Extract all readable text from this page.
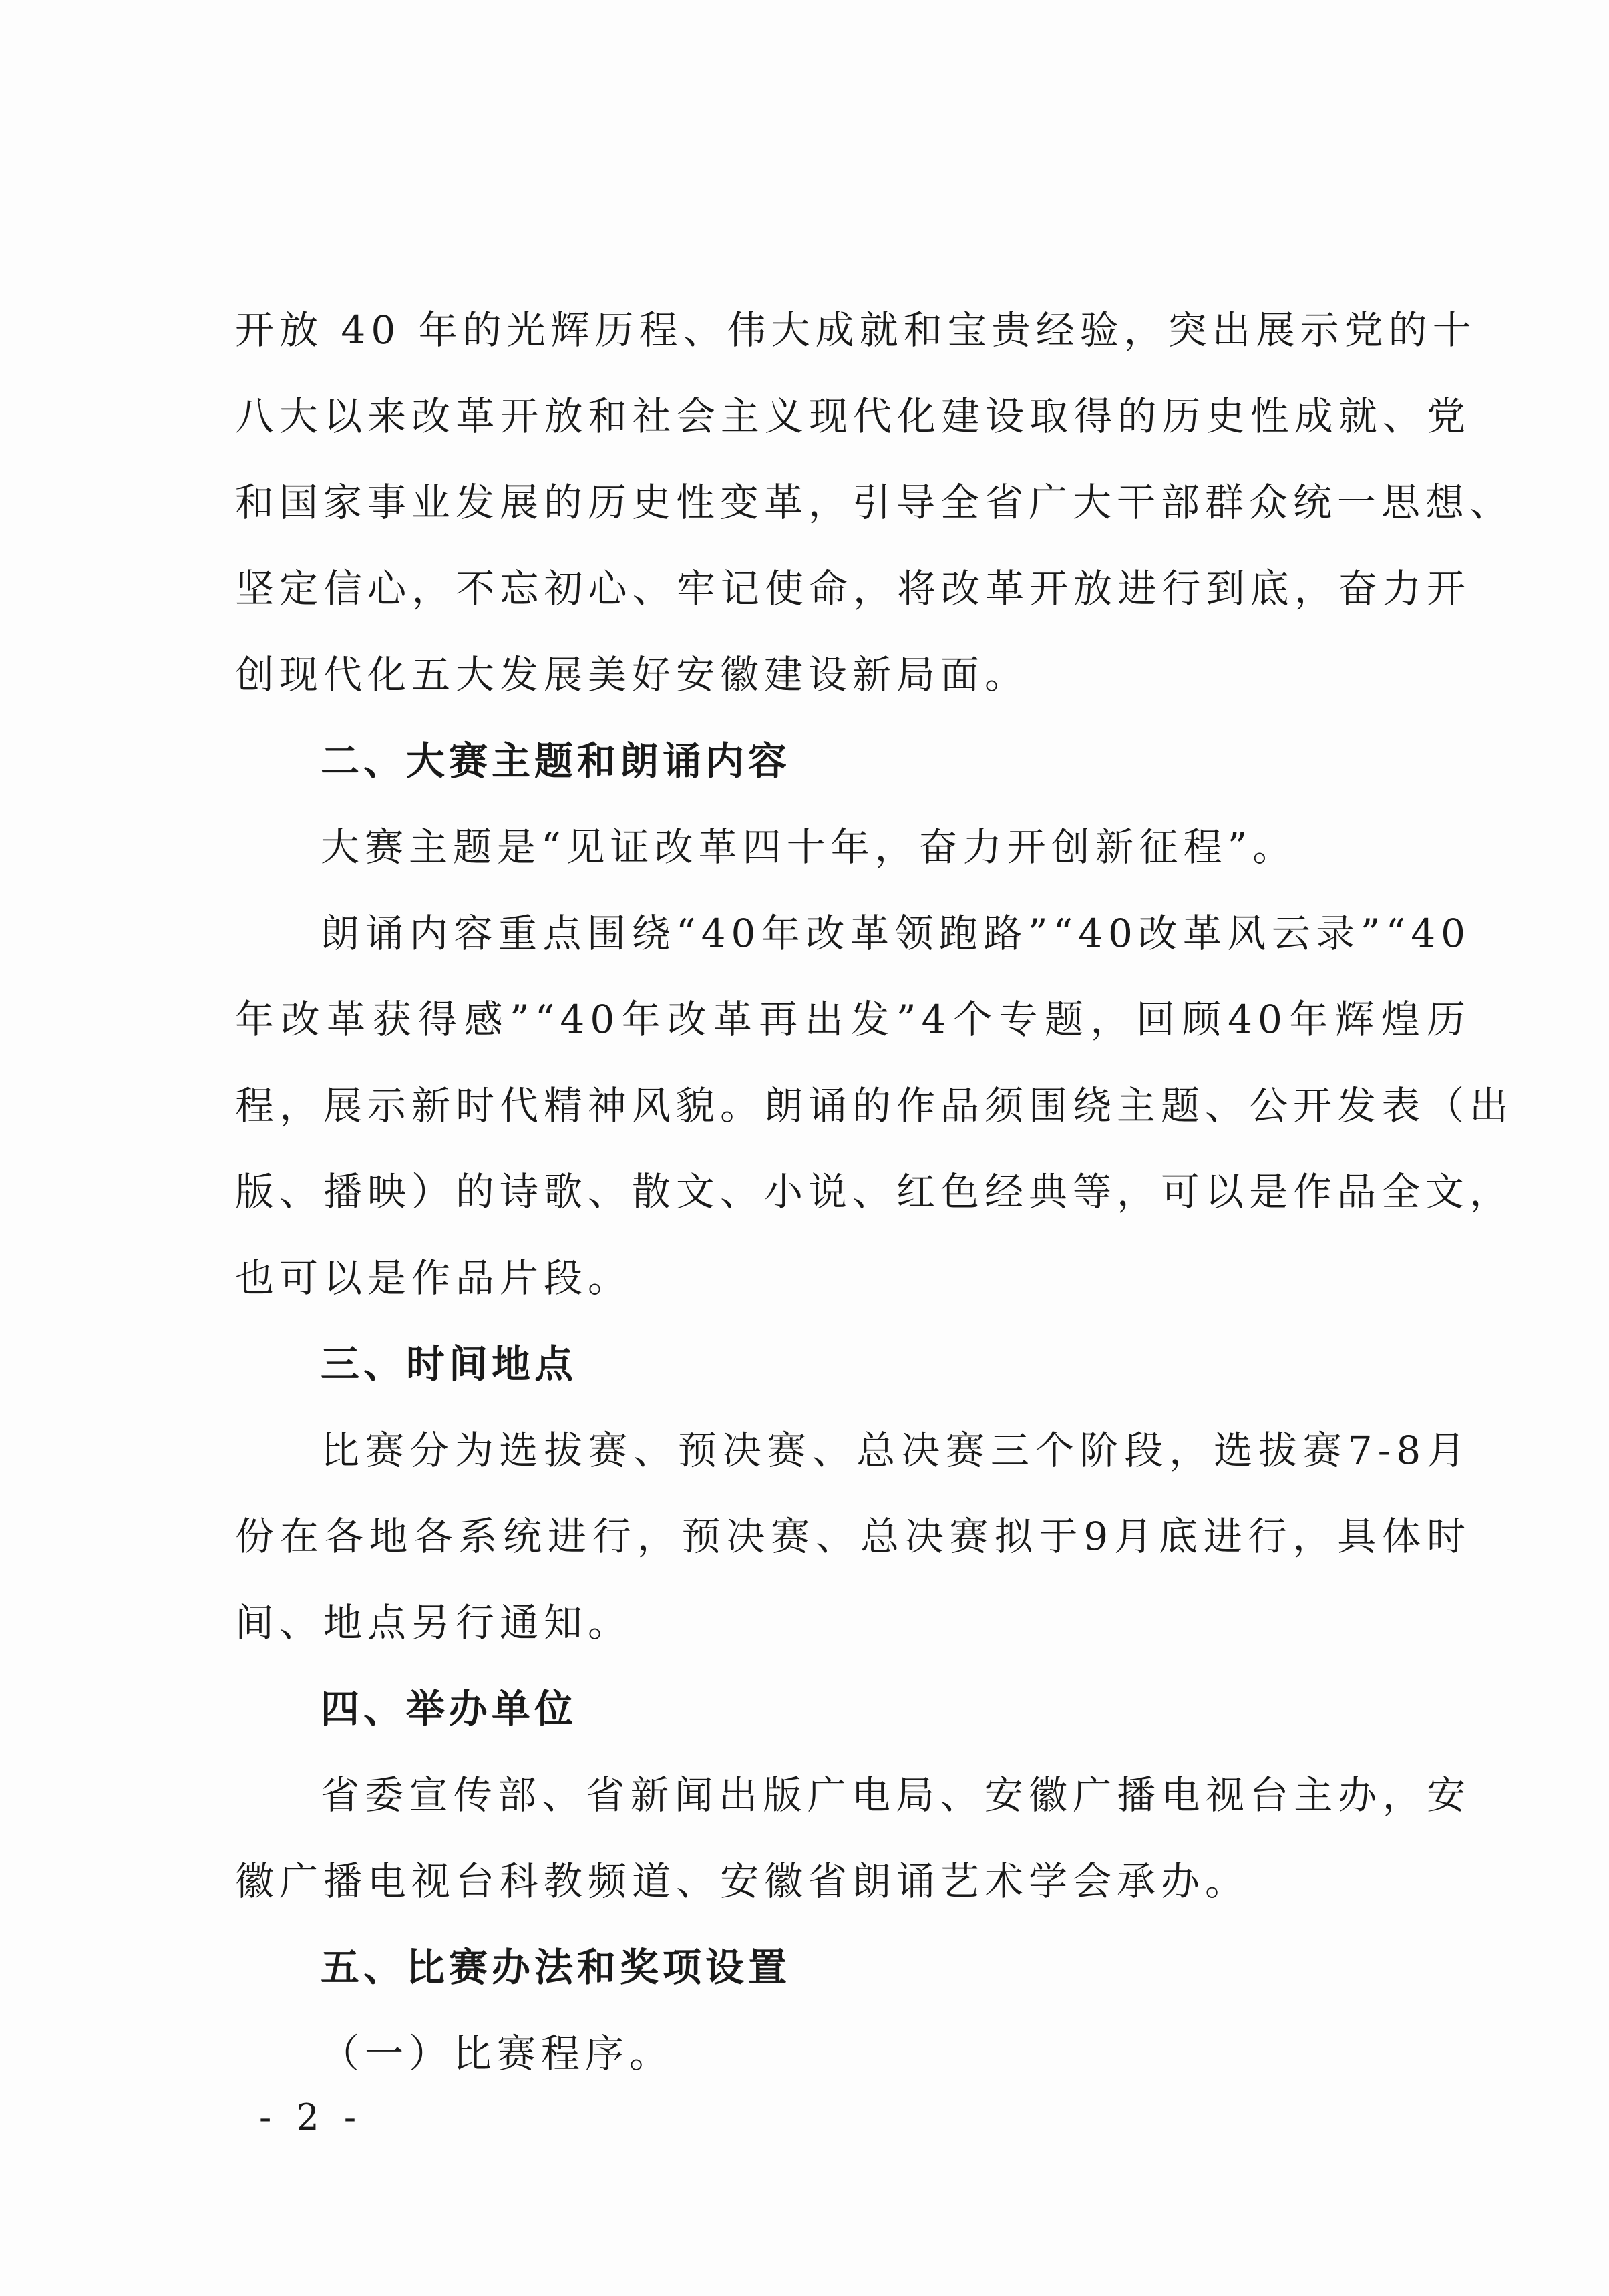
开放 40 年的光辉历程、伟大成就和宝贵经验，突出展示党的十
八大以来改革开放和社会主义现代化建设取得的历史性成就、党
和国家事业发展的历史性变革，引导全省广大干部群众统一思想、
坚定信心，不忘初心、牢记使命，将改革开放进行到底，奋力开
创现代化五大发展美好安徽建设新局面。
二、大赛主题和朗诵内容
大赛主题是“见证改革四十年，奋力开创新征程”。
朗诵内容重点围绕“40年改革领跑路”“40改革风云录”“40
年改革获得感”“40年改革再出发”4个专题，回顾40年辉煌历
程，展示新时代精神风貌。朗诵的作品须围绕主题、公开发表（出
版、播映）的诗歌、散文、小说、红色经典等，可以是作品全文，
也可以是作品片段。
三、时间地点
比赛分为选拔赛、预决赛、总决赛三个阶段，选拔赛7-8月
份在各地各系统进行，预决赛、总决赛拟于9月底进行，具体时
间、地点另行通知。
四、举办单位
省委宣传部、省新闻出版广电局、安徽广播电视台主办，安
徽广播电视台科教频道、安徽省朗诵艺术学会承办。
五、比赛办法和奖项设置
（一）比赛程序。
- 2 -
